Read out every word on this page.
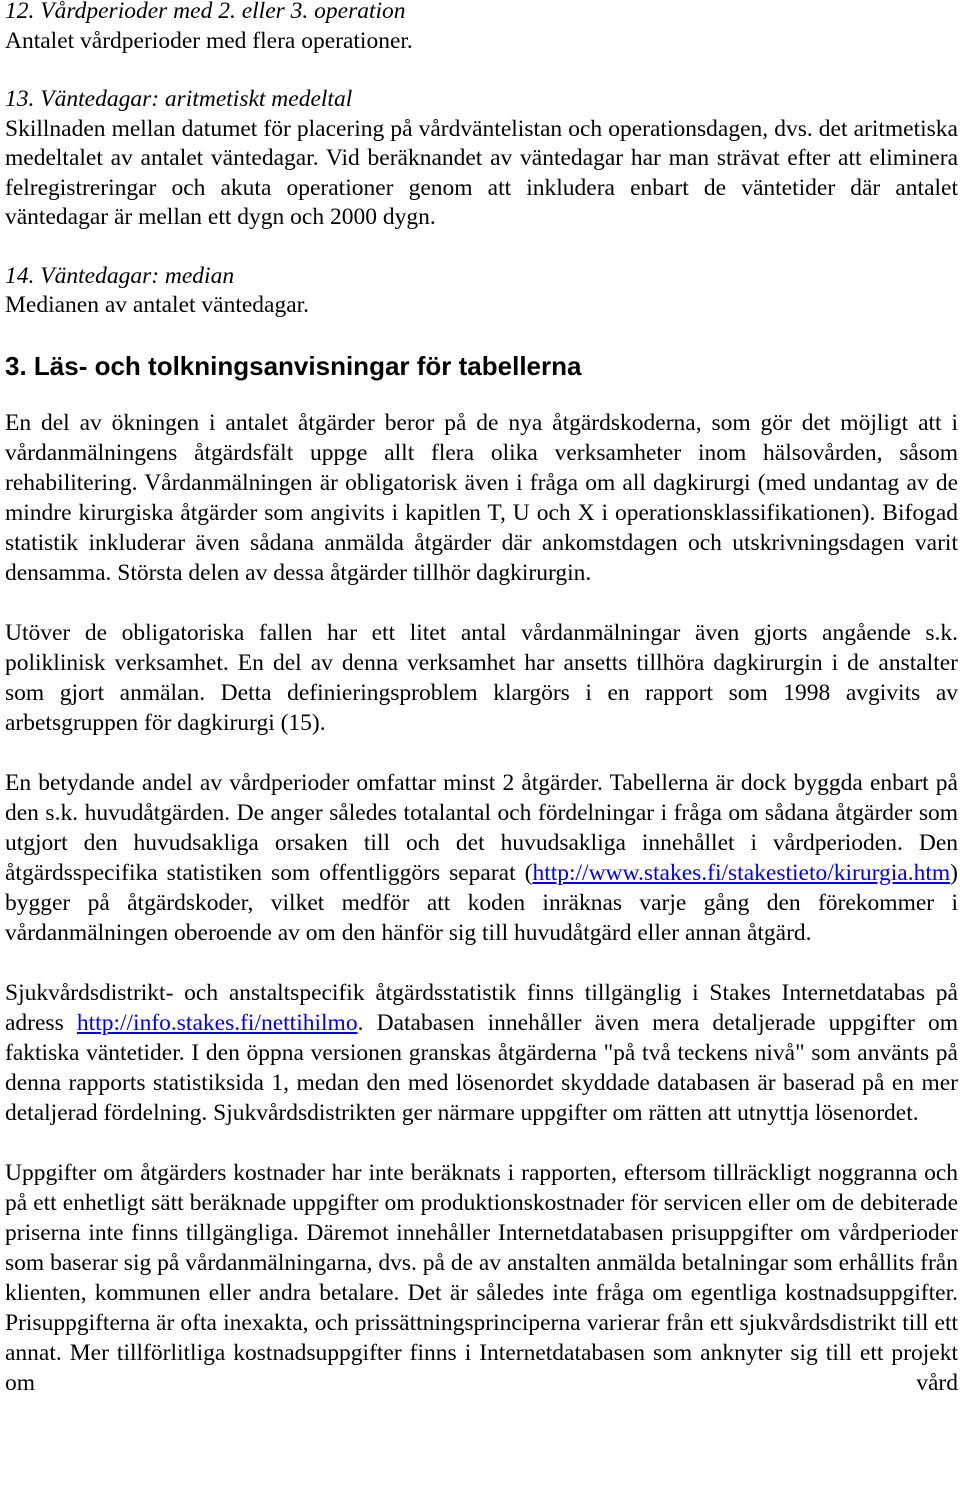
12. Vårdperioder med 2. eller 3. operation

Antalet vårdperioder med flera operationer.

13. Väntedagar: aritmetiskt medeltal

Skillnaden mellan datumet för placering på vårdväntelistan och operationsdagen, dvs. det aritmetiska medeltalet av antalet väntedagar. Vid beräknandet av väntedagar har man strävat efter att eliminera felregistreringar och akuta operationer genom att inkludera enbart de väntetider där antalet väntedagar är mellan ett dygn och 2000 dygn.

14. Väntedagar: median

Medianen av antalet väntedagar.

3. Läs- och tolkningsanvisningar för tabellerna

En del av ökningen i antalet åtgärder beror på de nya åtgärdskoderna, som gör det möjligt att i vårdanmälningens åtgärdsfält uppge allt flera olika verksamheter inom hälsovården, såsom rehabilitering. Vårdanmälningen är obligatorisk även i fråga om all dagkirurgi (med undantag av de mindre kirurgiska åtgärder som angivits i kapitlen T, U och X i operationsklassifikationen). Bifogad statistik inkluderar även sådana anmälda åtgärder där ankomstdagen och utskrivningsdagen varit densamma. Största delen av dessa åtgärder tillhör dagkirurgin.

Utöver de obligatoriska fallen har ett litet antal vårdanmälningar även gjorts angående s.k. poliklinisk verksamhet. En del av denna verksamhet har ansetts tillhöra dagkirurgin i de anstalter som gjort anmälan. Detta definieringsproblem klargörs i en rapport som 1998 avgivits av arbetsgruppen för dagkirurgi (15).

En betydande andel av vårdperioder omfattar minst 2 åtgärder. Tabellerna är dock byggda enbart på den s.k. huvudåtgärden. De anger således totalantal och fördelningar i fråga om sådana åtgärder som utgjort den huvudsakliga orsaken till och det huvudsakliga innehållet i vårdperioden. Den åtgärdsspecifika statistiken som offentliggörs separat (http://www.stakes.fi/stakestieto/kirurgia.htm) bygger på åtgärdskoder, vilket medför att koden inräknas varje gång den förekommer i vårdanmälningen oberoende av om den hänför sig till huvudåtgärd eller annan åtgärd.

Sjukvårdsdistrikt- och anstaltspecifik åtgärdsstatistik finns tillgänglig i Stakes Internetdatabas på adress http://info.stakes.fi/nettihilmo. Databasen innehåller även mera detaljerade uppgifter om faktiska väntetider. I den öppna versionen granskas åtgärderna "på två teckens nivå" som använts på denna rapports statistiksida 1, medan den med lösenordet skyddade databasen är baserad på en mer detaljerad fördelning. Sjukvårdsdistrikten ger närmare uppgifter om rätten att utnyttja lösenordet.

Uppgifter om åtgärders kostnader har inte beräknats i rapporten, eftersom tillräckligt noggranna och på ett enhetligt sätt beräknade uppgifter om produktionskostnader för servicen eller om de debiterade priserna inte finns tillgängliga. Däremot innehåller Internetdatabasen prisuppgifter om vårdperioder som baserar sig på vårdanmälningarna, dvs. på de av anstalten anmälda betalningar som erhållits från klienten, kommunen eller andra betalare. Det är således inte fråga om egentliga kostnadsuppgifter. Prisuppgifterna är ofta inexakta, och prissättningsprinciperna varierar från ett sjukvårdsdistrikt till ett annat. Mer tillförlitliga kostnadsuppgifter finns i Internetdatabasen som anknyter sig till ett projekt om vård
